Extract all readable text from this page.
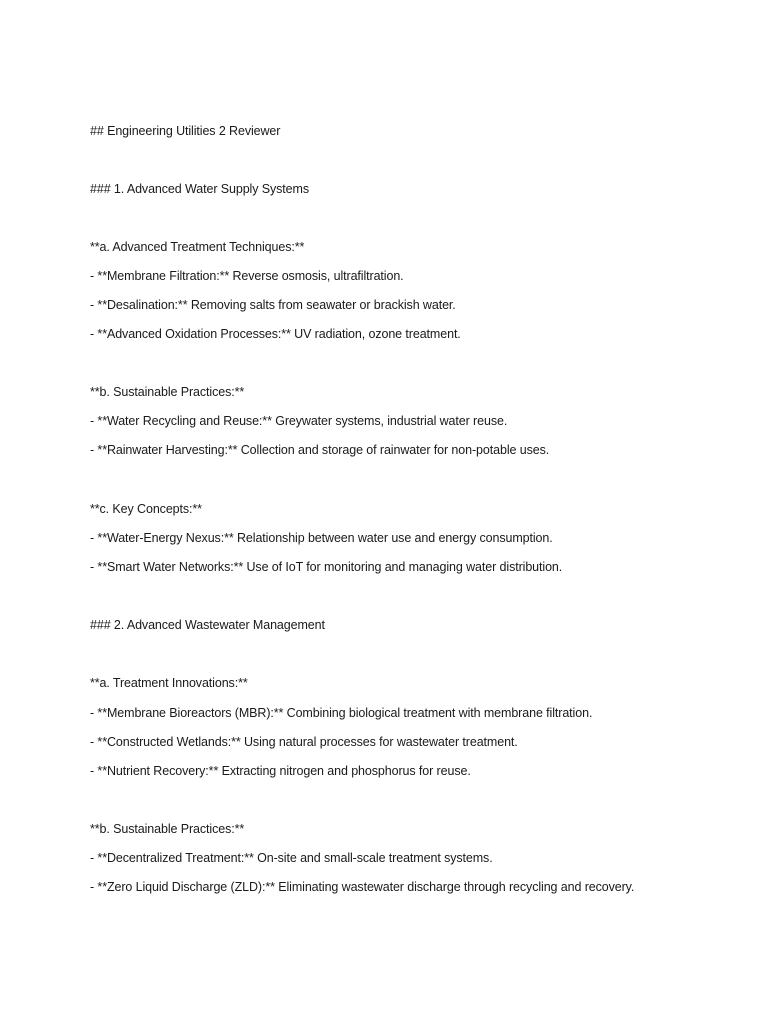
## Engineering Utilities 2 Reviewer
### 1. Advanced Water Supply Systems
**a. Advanced Treatment Techniques:**
- **Membrane Filtration:** Reverse osmosis, ultrafiltration.
- **Desalination:** Removing salts from seawater or brackish water.
- **Advanced Oxidation Processes:** UV radiation, ozone treatment.
**b. Sustainable Practices:**
- **Water Recycling and Reuse:** Greywater systems, industrial water reuse.
- **Rainwater Harvesting:** Collection and storage of rainwater for non-potable uses.
**c. Key Concepts:**
- **Water-Energy Nexus:** Relationship between water use and energy consumption.
- **Smart Water Networks:** Use of IoT for monitoring and managing water distribution.
### 2. Advanced Wastewater Management
**a. Treatment Innovations:**
- **Membrane Bioreactors (MBR):** Combining biological treatment with membrane filtration.
- **Constructed Wetlands:** Using natural processes for wastewater treatment.
- **Nutrient Recovery:** Extracting nitrogen and phosphorus for reuse.
**b. Sustainable Practices:**
- **Decentralized Treatment:** On-site and small-scale treatment systems.
- **Zero Liquid Discharge (ZLD):** Eliminating wastewater discharge through recycling and recovery.
